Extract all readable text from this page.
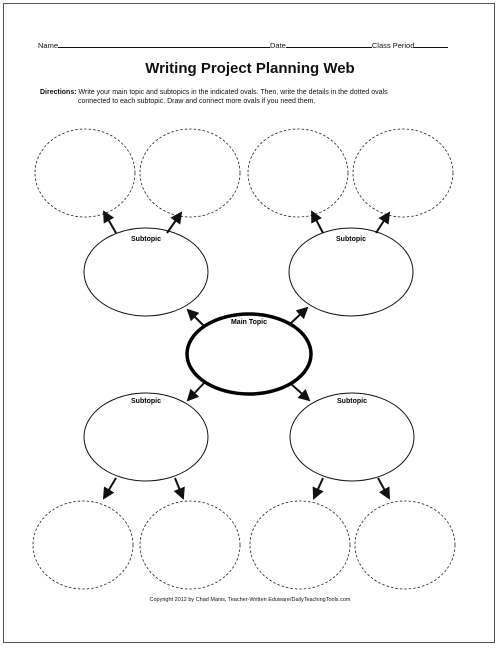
Name	Date	Class Period
Writing Project Planning Web
Directions: Write your main topic and subtopics in the indicated ovals. Then, write the details in the dotted ovals
connected to each subtopic. Draw and connect more ovals if you need them.
Subtopic	Subtopic
Main Topic
Subtopic	Subtopic
Copyright 2012 by Chad Manis, Teacher-Written Eduware/DailyTeachingTools.com
